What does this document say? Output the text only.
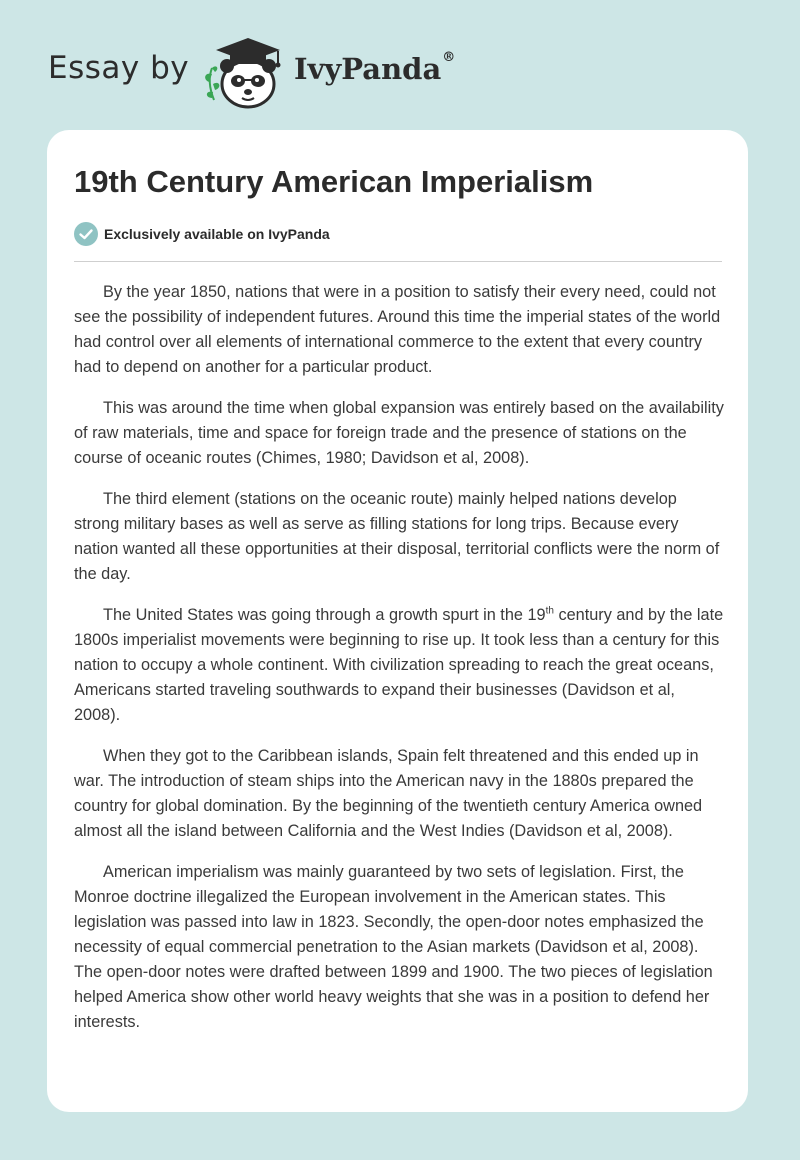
Essay by	IvyPanda®
19th Century American Imperialism
Exclusively available on IvyPanda

By the year 1850, nations that were in a position to satisfy their every need, could not see the possibility of independent futures. Around this time the imperial states of the world had control over all elements of international commerce to the extent that every country had to depend on another for a particular product.

This was around the time when global expansion was entirely based on the availability of raw materials, time and space for foreign trade and the presence of stations on the course of oceanic routes (Chimes, 1980; Davidson et al, 2008).

The third element (stations on the oceanic route) mainly helped nations develop strong military bases as well as serve as filling stations for long trips. Because every nation wanted all these opportunities at their disposal, territorial conflicts were the norm of the day.

The United States was going through a growth spurt in the 19th century and by the late 1800s imperialist movements were beginning to rise up. It took less than a century for this nation to occupy a whole continent. With civilization spreading to reach the great oceans, Americans started traveling southwards to expand their businesses (Davidson et al, 2008).

When they got to the Caribbean islands, Spain felt threatened and this ended up in war. The introduction of steam ships into the American navy in the 1880s prepared the country for global domination. By the beginning of the twentieth century America owned almost all the island between California and the West Indies (Davidson et al, 2008).

American imperialism was mainly guaranteed by two sets of legislation. First, the Monroe doctrine illegalized the European involvement in the American states. This legislation was passed into law in 1823. Secondly, the open-door notes emphasized the necessity of equal commercial penetration to the Asian markets (Davidson et al, 2008). The open-door notes were drafted between 1899 and 1900. The two pieces of legislation helped America show other world heavy weights that she was in a position to defend her interests.
